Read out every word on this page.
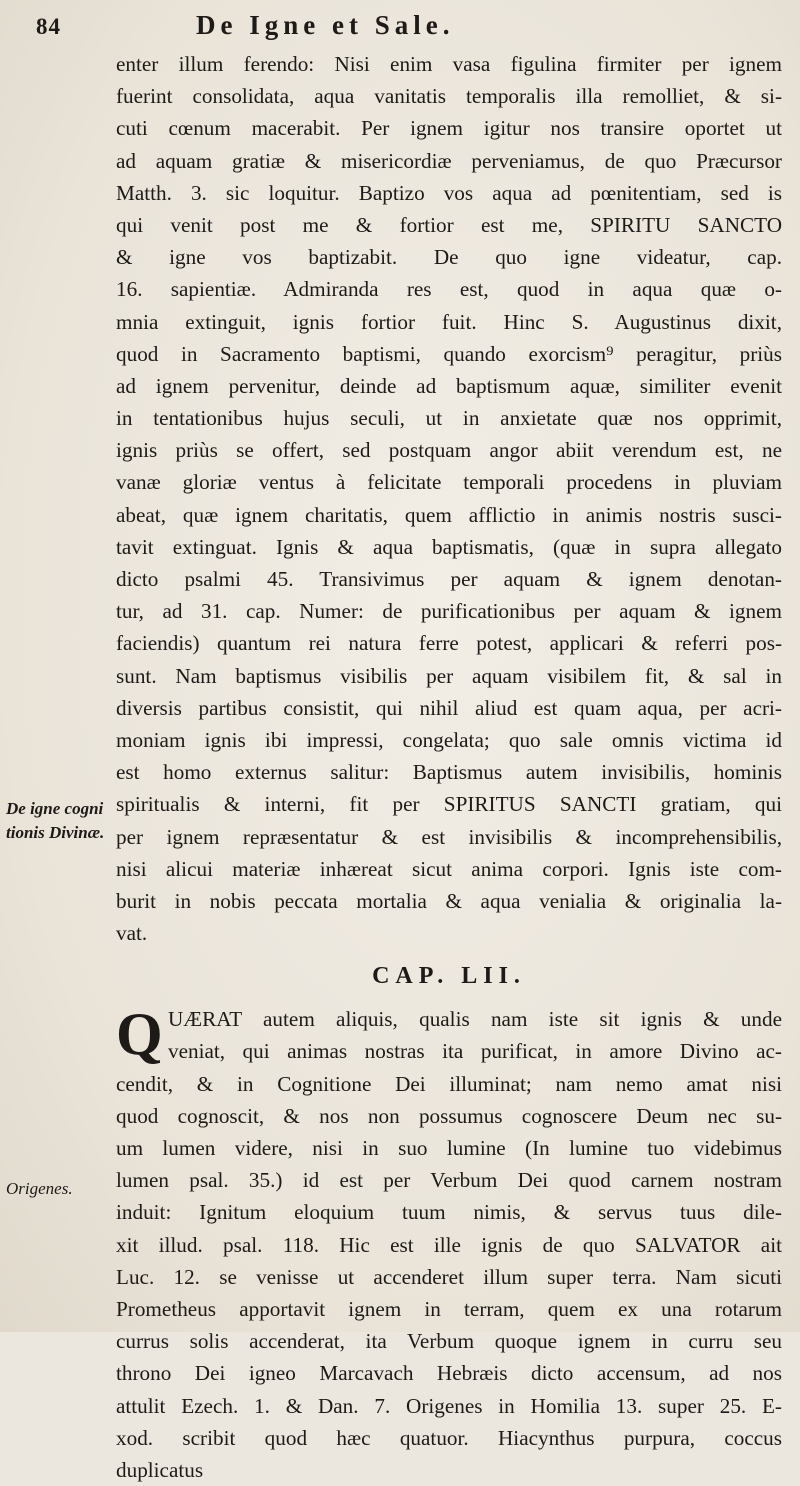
84	De Igne et Sale.
De igne cogni
tionis Divinæ.
Origenes.
enter illum ferendo: Nisi enim vasa figulina firmiter per ignem
fuerint consolidata, aqua vanitatis temporalis illa remolliet, & si-
cuti cœnum macerabit. Per ignem igitur nos transire oportet ut
ad aquam gratiæ & misericordiæ perveniamus, de quo Præcursor
Matth. 3. sic loquitur. Baptizo vos aqua ad pœnitentiam, sed is
qui venit post me & fortior est me, SPIRITU SANCTO
& igne vos baptizabit. De quo igne videatur, cap.
16. sapientiæ. Admiranda res est, quod in aqua quæ o-
mnia extinguit, ignis fortior fuit. Hinc S. Augustinus dixit,
quod in Sacramento baptismi, quando exorcism⁹ peragitur, priùs
ad ignem pervenitur, deinde ad baptismum aquæ, similiter evenit
in tentationibus hujus seculi, ut in anxietate quæ nos opprimit,
ignis priùs se offert, sed postquam angor abiit verendum est, ne
vanæ gloriæ ventus à felicitate temporali procedens in pluviam
abeat, quæ ignem charitatis, quem afflictio in animis nostris susci-
tavit extinguat. Ignis & aqua baptismatis, (quæ in supra allegato
dicto psalmi 45. Transivimus per aquam & ignem denotan-
tur, ad 31. cap. Numer: de purificationibus per aquam & ignem
faciendis) quantum rei natura ferre potest, applicari & referri pos-
sunt. Nam baptismus visibilis per aquam visibilem fit, & sal in
diversis partibus consistit, qui nihil aliud est quam aqua, per acri-
moniam ignis ibi impressi, congelata; quo sale omnis victima id
est homo externus salitur: Baptismus autem invisibilis, hominis
spiritualis & interni, fit per SPIRITUS SANCTI gratiam, qui
per ignem repræsentatur & est invisibilis & incomprehensibilis,
nisi alicui materiæ inhæreat sicut anima corpori. Ignis iste com-
burit in nobis peccata mortalia & aqua venialia & originalia la-
vat.
CAP. LII.
Q UÆRAT autem aliquis, qualis nam iste sit ignis & unde
veniat, qui animas nostras ita purificat, in amore Divino ac-
cendit, & in Cognitione Dei illuminat; nam nemo amat nisi
quod cognoscit, & nos non possumus cognoscere Deum nec su-
um lumen videre, nisi in suo lumine (In lumine tuo videbimus
lumen psal. 35.) id est per Verbum Dei quod carnem nostram
induit: Ignitum eloquium tuum nimis, & servus tuus dile-
xit illud. psal. 118. Hic est ille ignis de quo SALVATOR ait
Luc. 12. se venisse ut accenderet illum super terra. Nam sicuti
Prometheus apportavit ignem in terram, quem ex una rotarum
currus solis accenderat, ita Verbum quoque ignem in curru seu
throno Dei igneo Marcavach Hebræis dicto accensum, ad nos
attulit Ezech. 1. & Dan. 7. Origenes in Homilia 13. super 25. E-
xod. scribit quod hæc quatuor. Hiacynthus purpura, coccus
duplicatus
